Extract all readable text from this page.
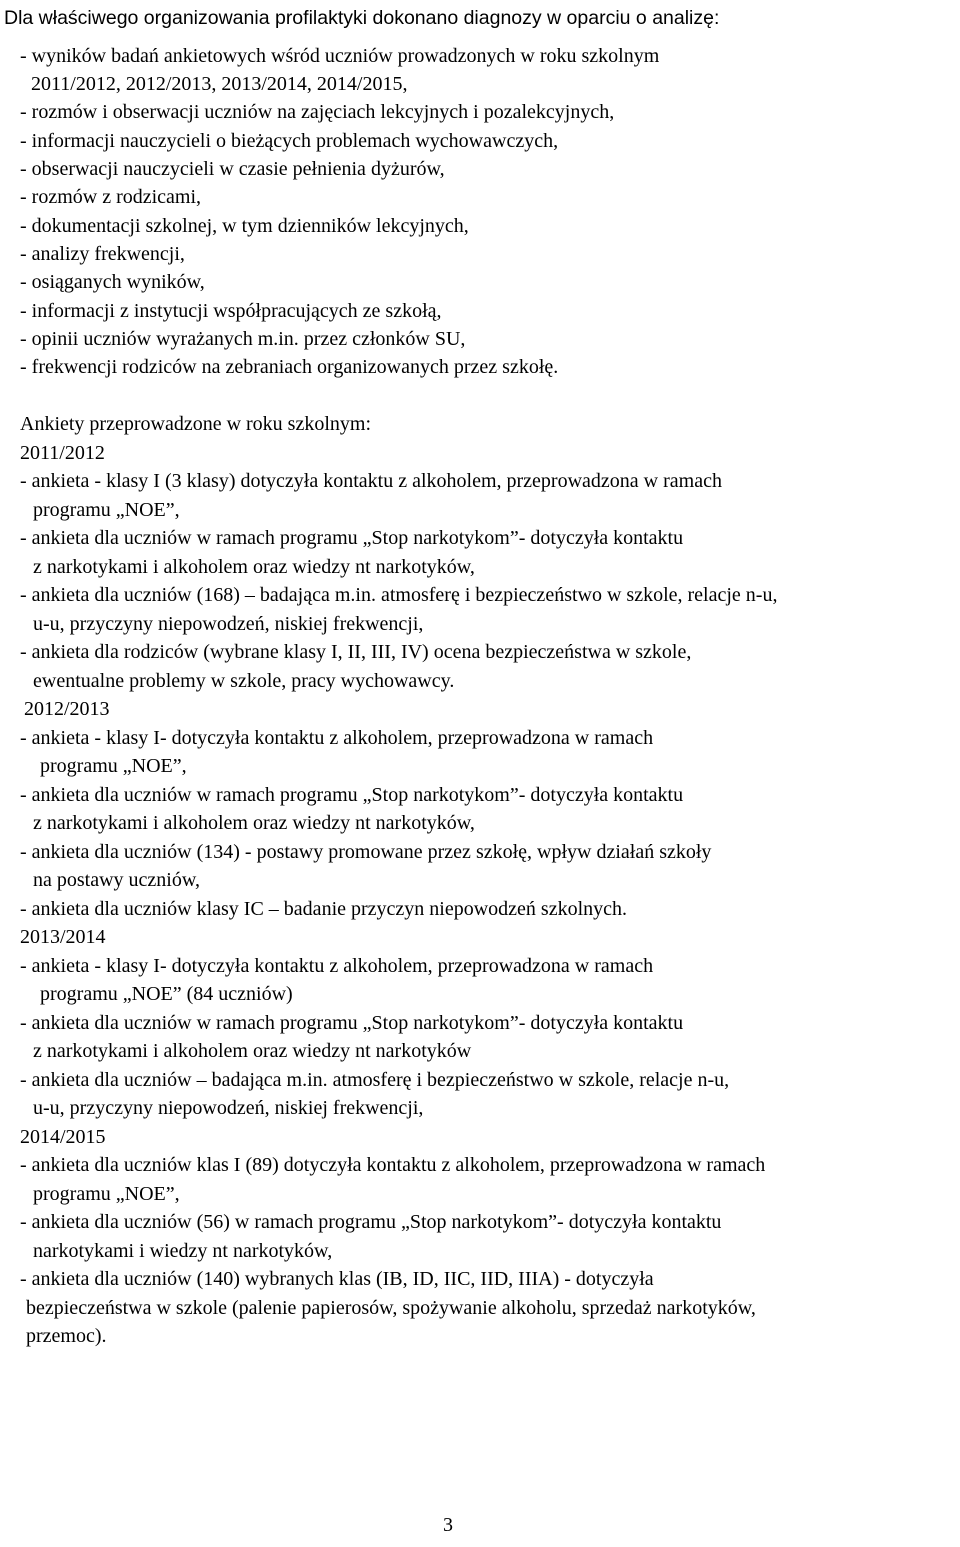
Dla właściwego organizowania profilaktyki dokonano diagnozy w oparciu o analizę:

- wyników badań ankietowych wśród uczniów prowadzonych w roku szkolnym
2011/2012, 2012/2013, 2013/2014, 2014/2015,
- rozmów i obserwacji uczniów na zajęciach lekcyjnych i pozalekcyjnych,
- informacji nauczycieli o bieżących problemach wychowawczych,
- obserwacji nauczycieli w czasie pełnienia dyżurów,
- rozmów z rodzicami,
- dokumentacji szkolnej, w tym dzienników lekcyjnych,
- analizy frekwencji,
- osiąganych wyników,
- informacji z instytucji współpracujących ze szkołą,
- opinii uczniów wyrażanych m.in. przez członków SU,
- frekwencji rodziców na zebraniach organizowanych przez szkołę.
Ankiety przeprowadzone w roku szkolnym:
2011/2012
- ankieta - klasy I (3 klasy) dotyczyła kontaktu z alkoholem, przeprowadzona w ramach
programu „NOE”,
- ankieta dla uczniów w ramach programu „Stop narkotykom”- dotyczyła kontaktu
z narkotykami i alkoholem oraz wiedzy nt narkotyków,
- ankieta dla uczniów (168) – badająca m.in. atmosferę i bezpieczeństwo w szkole, relacje n-u,
u-u, przyczyny niepowodzeń, niskiej frekwencji,
- ankieta dla rodziców (wybrane klasy I, II, III, IV) ocena bezpieczeństwa w szkole,
ewentualne problemy w szkole, pracy wychowawcy.
2012/2013
- ankieta - klasy I- dotyczyła kontaktu z alkoholem, przeprowadzona w ramach
programu „NOE”,
- ankieta dla uczniów w ramach programu „Stop narkotykom”- dotyczyła kontaktu
z narkotykami i alkoholem oraz wiedzy nt narkotyków,
- ankieta dla uczniów (134) - postawy promowane przez szkołę, wpływ działań szkoły
na postawy uczniów,
- ankieta dla uczniów klasy IC – badanie przyczyn niepowodzeń szkolnych.
2013/2014
- ankieta - klasy I- dotyczyła kontaktu z alkoholem, przeprowadzona w ramach
programu „NOE” (84 uczniów)
- ankieta dla uczniów w ramach programu „Stop narkotykom”- dotyczyła kontaktu
z narkotykami i alkoholem oraz wiedzy nt narkotyków
- ankieta dla uczniów – badająca m.in. atmosferę i bezpieczeństwo w szkole, relacje n-u,
u-u, przyczyny niepowodzeń, niskiej frekwencji,
2014/2015
- ankieta dla uczniów klas I (89) dotyczyła kontaktu z alkoholem, przeprowadzona w ramach
programu „NOE”,
- ankieta dla uczniów (56) w ramach programu „Stop narkotykom”- dotyczyła kontaktu
narkotykami i wiedzy nt narkotyków,
- ankieta dla uczniów (140) wybranych klas (IB, ID, IIC, IID, IIIA) - dotyczyła
bezpieczeństwa w szkole (palenie papierosów, spożywanie alkoholu, sprzedaż narkotyków,
przemoc).
3
